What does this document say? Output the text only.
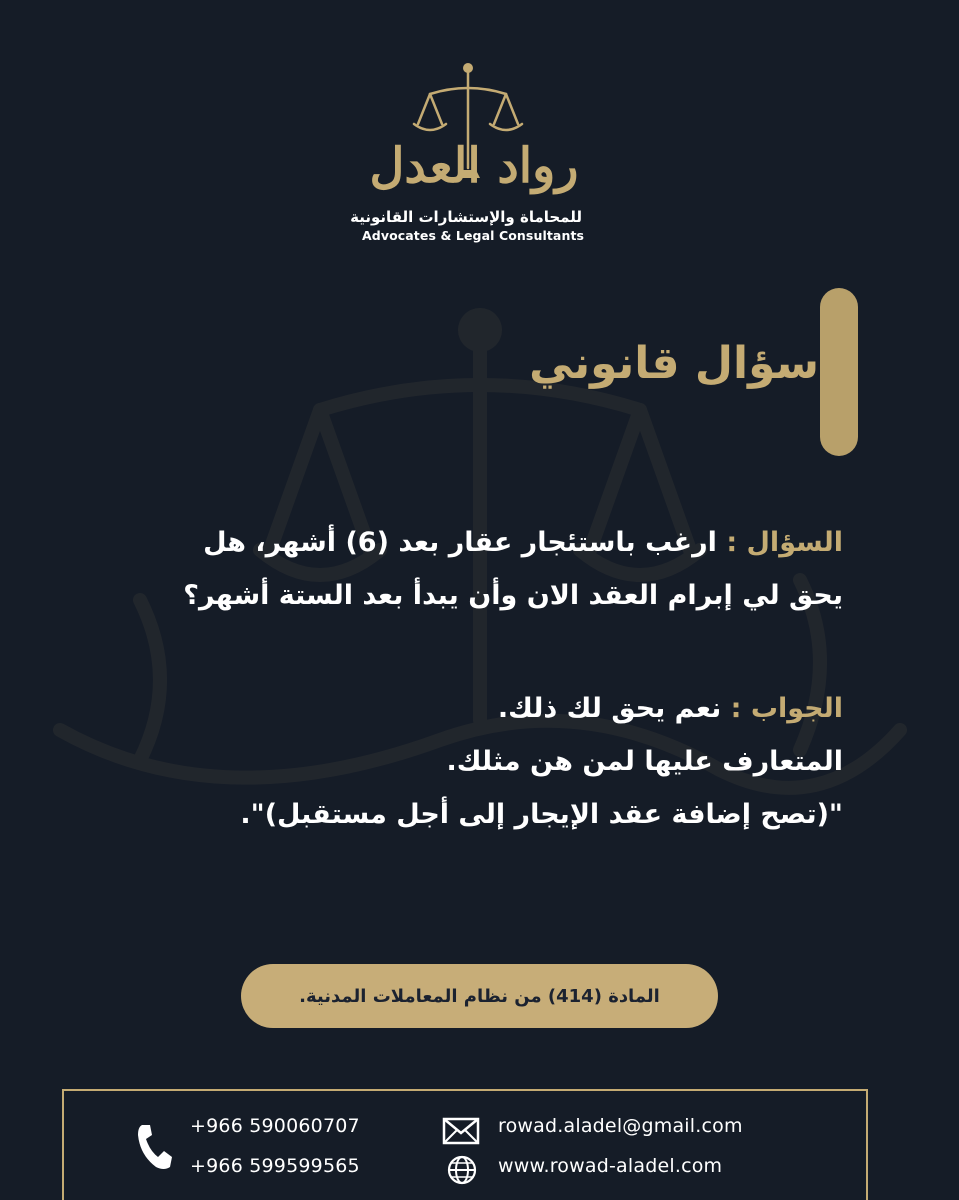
رواد العدل
للمحاماة والإستشارات القانونية
Advocates & Legal Consultants
سؤال قانوني
السؤال : ارغب باستئجار عقار بعد (6) أشهر، هل
يحق لي إبرام العقد الان وأن يبدأ بعد الستة أشهر؟
الجواب : نعم يحق لك ذلك.
المتعارف عليها لمن هن مثلك.
"(تصح إضافة عقد الإيجار إلى أجل مستقبل)".
المادة (414) من نظام المعاملات المدنية.
+966 590060707
+966 599599565
rowad.aladel@gmail.com
www.rowad-aladel.com
